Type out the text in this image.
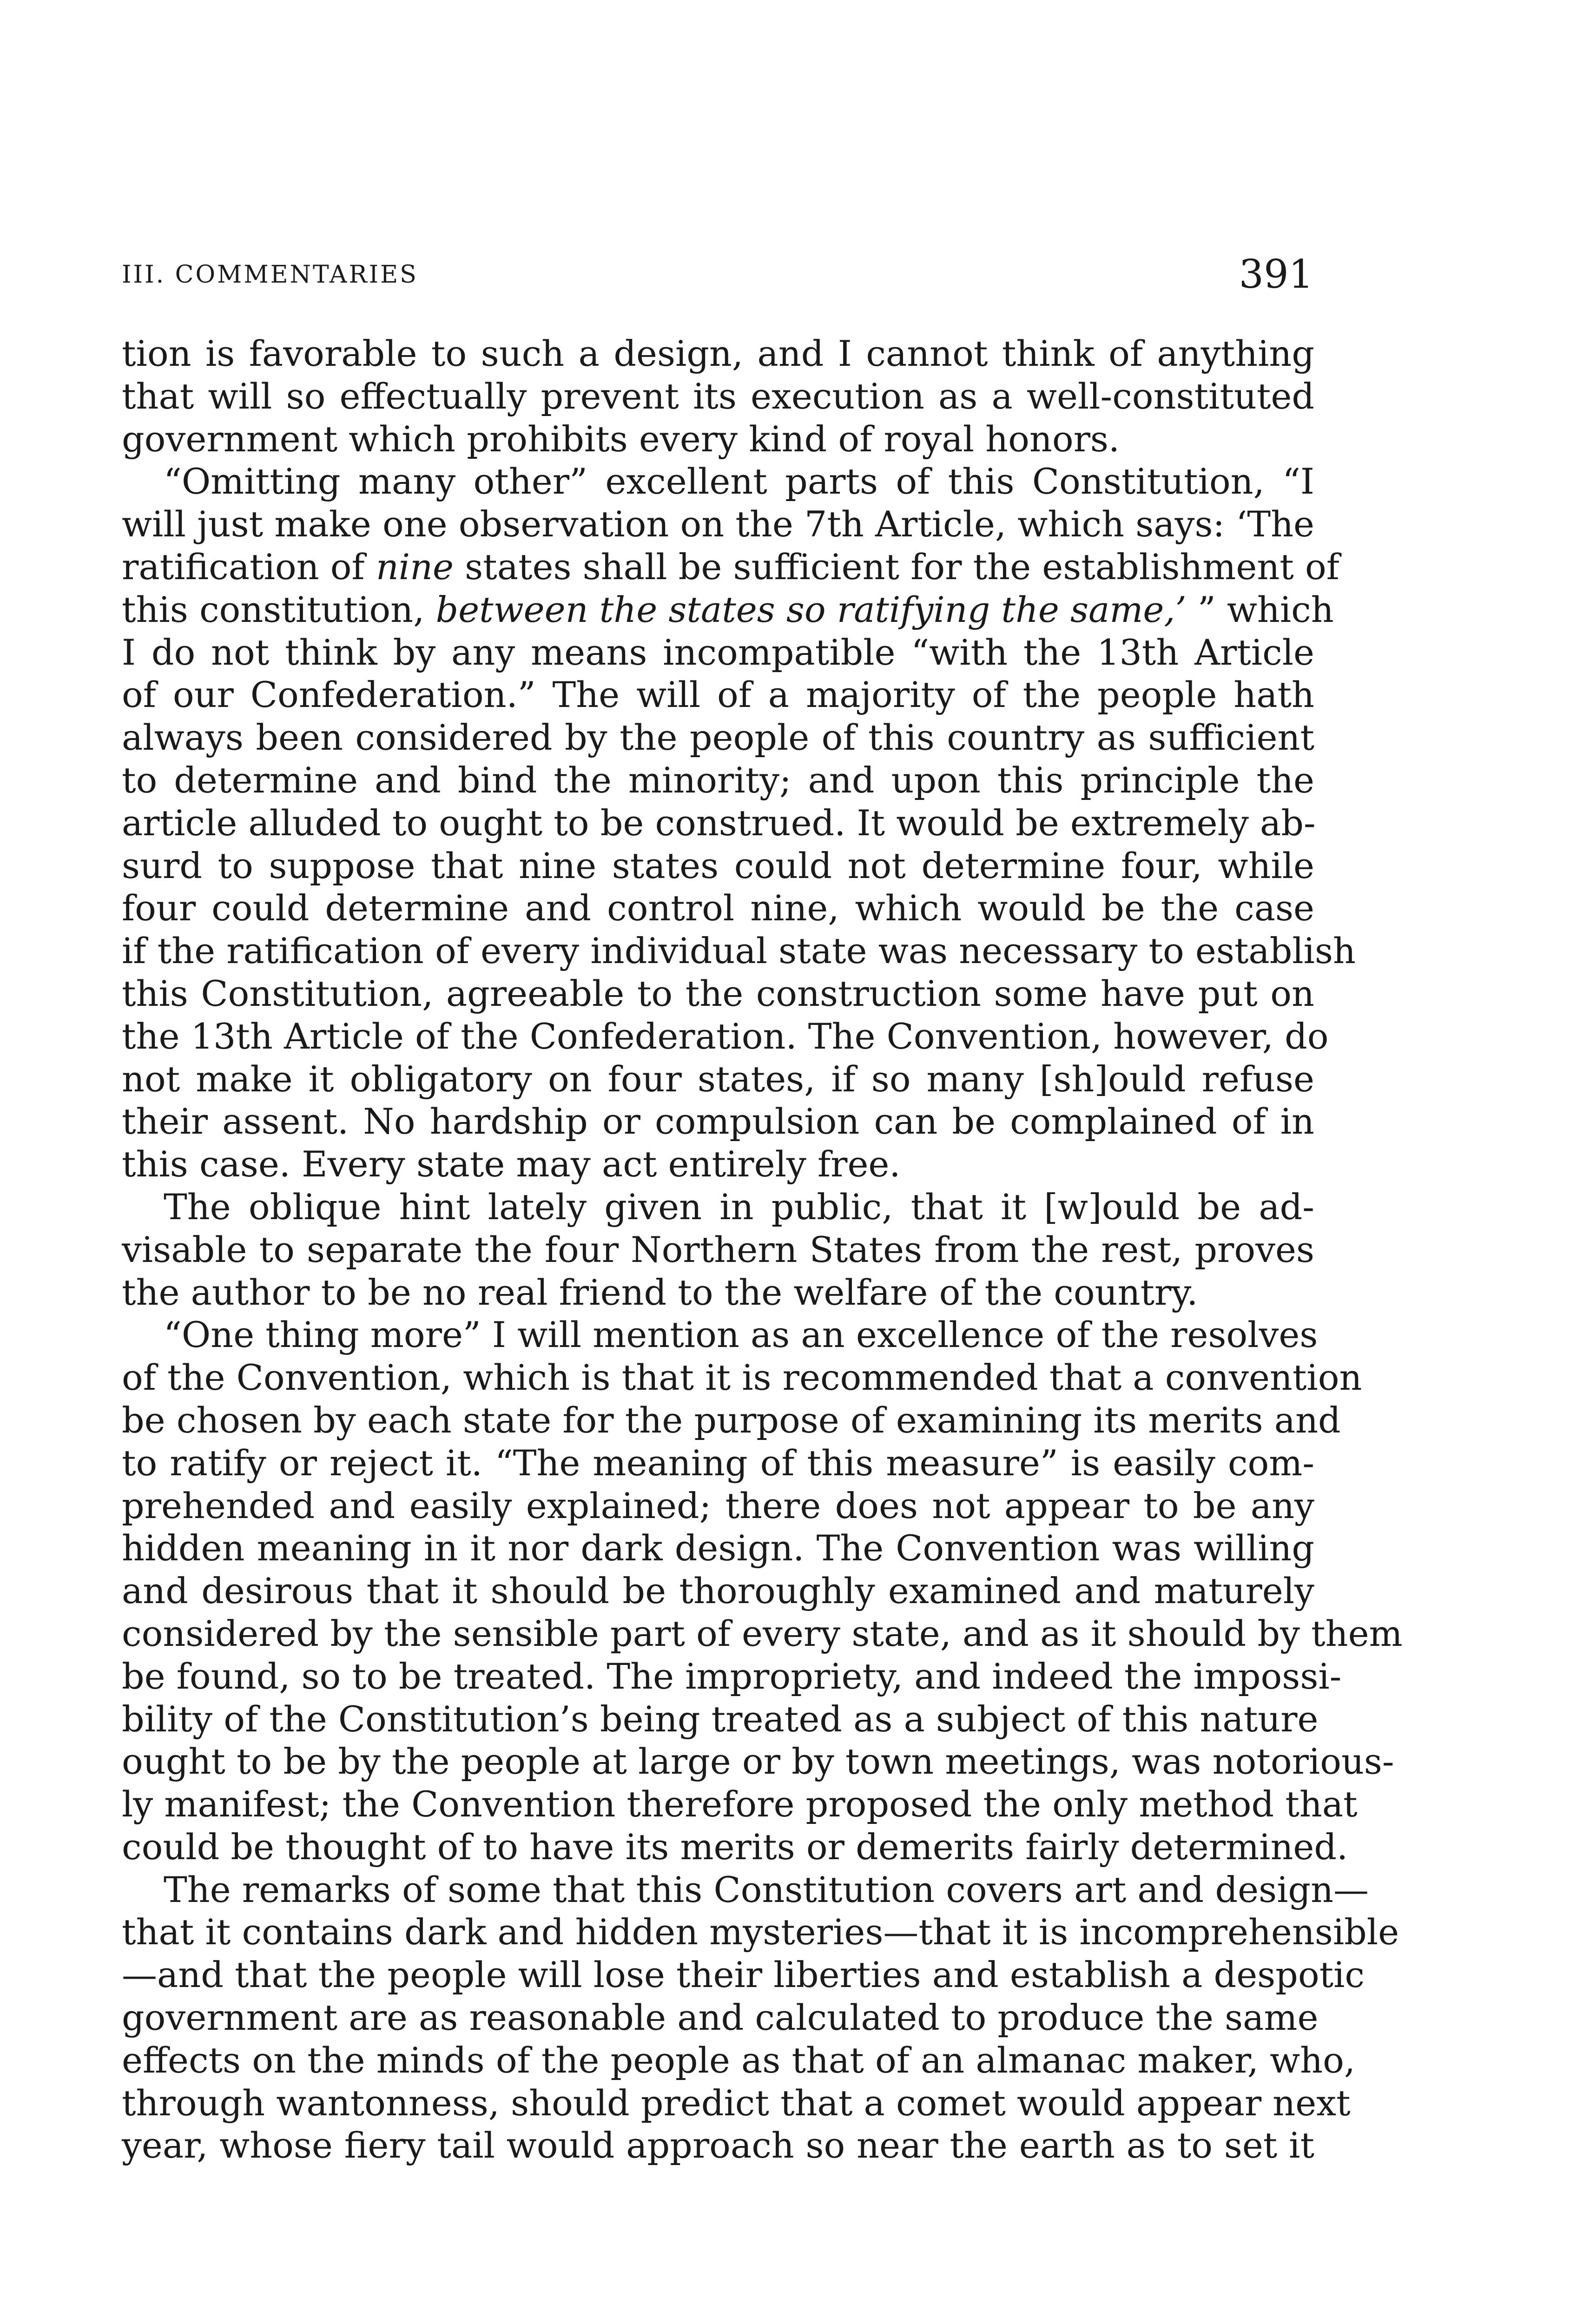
III. COMMENTARIES	391
tion is favorable to such a design, and I cannot think of anything
that will so effectually prevent its execution as a well-constituted
government which prohibits every kind of royal honors.
“Omitting many other” excellent parts of this Constitution, “I
will just make one observation on the 7th Article, which says: ‘The
ratification of nine states shall be sufficient for the establishment of
this constitution, between the states so ratifying the same,’ ” which
I do not think by any means incompatible “with the 13th Article
of our Confederation.” The will of a majority of the people hath
always been considered by the people of this country as sufficient
to determine and bind the minority; and upon this principle the
article alluded to ought to be construed. It would be extremely ab-
surd to suppose that nine states could not determine four, while
four could determine and control nine, which would be the case
if the ratification of every individual state was necessary to establish
this Constitution, agreeable to the construction some have put on
the 13th Article of the Confederation. The Convention, however, do
not make it obligatory on four states, if so many [sh]ould refuse
their assent. No hardship or compulsion can be complained of in
this case. Every state may act entirely free.
The oblique hint lately given in public, that it [w]ould be ad-
visable to separate the four Northern States from the rest, proves
the author to be no real friend to the welfare of the country.
“One thing more” I will mention as an excellence of the resolves
of the Convention, which is that it is recommended that a convention
be chosen by each state for the purpose of examining its merits and
to ratify or reject it. “The meaning of this measure” is easily com-
prehended and easily explained; there does not appear to be any
hidden meaning in it nor dark design. The Convention was willing
and desirous that it should be thoroughly examined and maturely
considered by the sensible part of every state, and as it should by them
be found, so to be treated. The impropriety, and indeed the impossi-
bility of the Constitution’s being treated as a subject of this nature
ought to be by the people at large or by town meetings, was notorious-
ly manifest; the Convention therefore proposed the only method that
could be thought of to have its merits or demerits fairly determined.
The remarks of some that this Constitution covers art and design—
that it contains dark and hidden mysteries—that it is incomprehensible
—and that the people will lose their liberties and establish a despotic
government are as reasonable and calculated to produce the same
effects on the minds of the people as that of an almanac maker, who,
through wantonness, should predict that a comet would appear next
year, whose fiery tail would approach so near the earth as to set it
